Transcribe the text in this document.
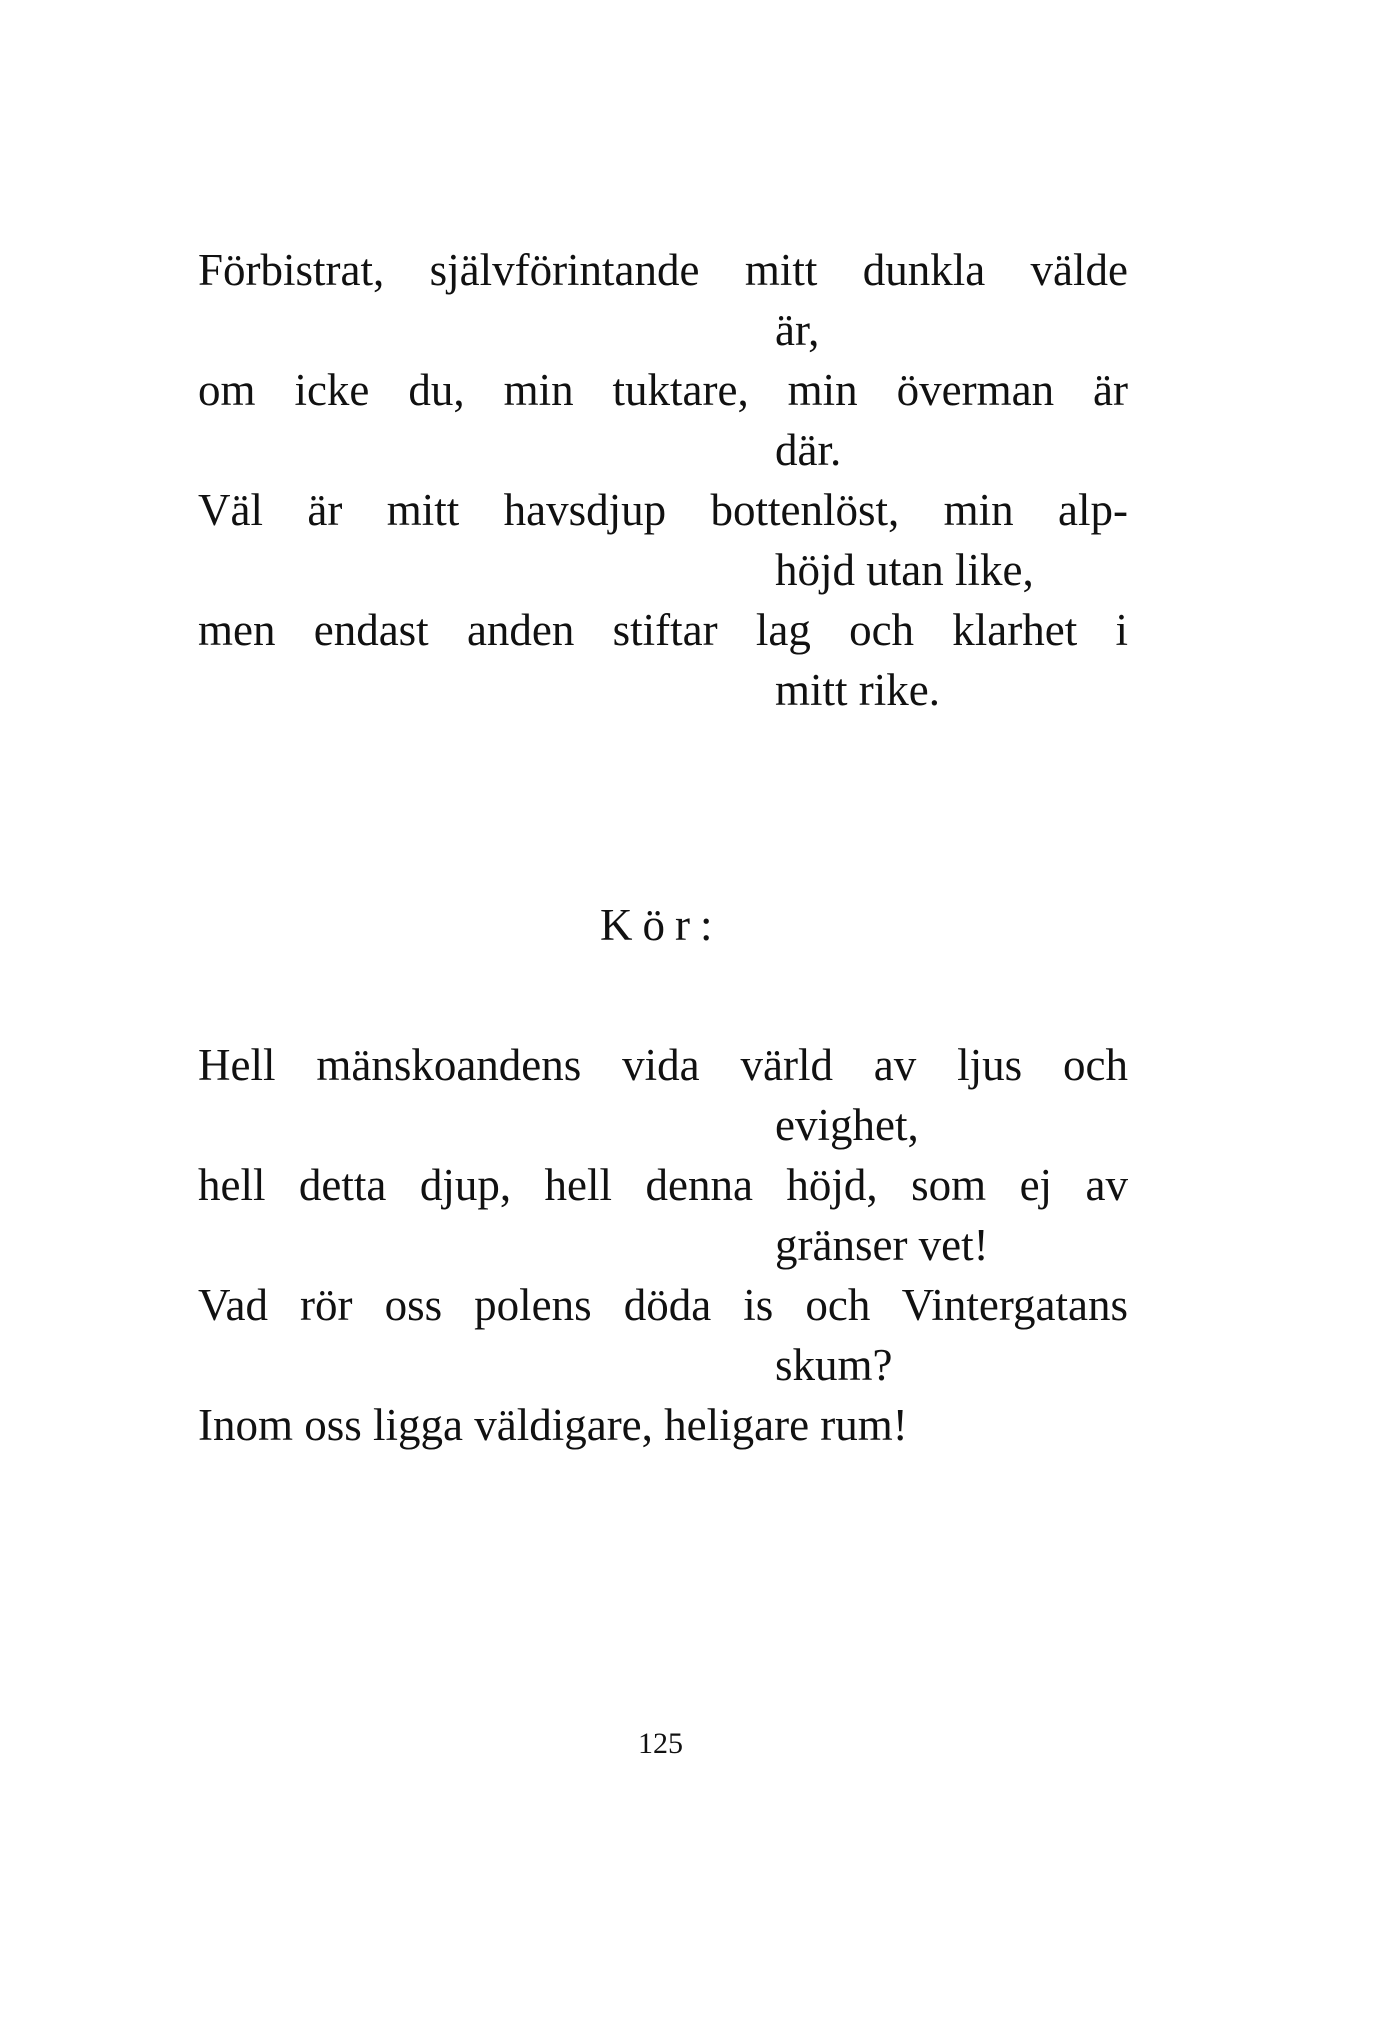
Förbistrat, självförintande mitt dunkla välde
är,
om icke du, min tuktare, min överman är
där.
Väl är mitt havsdjup bottenlöst, min alp-
höjd utan like,
men endast anden stiftar lag och klarhet i
mitt rike.
Kör:
Hell mänskoandens vida värld av ljus och
evighet,
hell detta djup, hell denna höjd, som ej av
gränser vet!
Vad rör oss polens döda is och Vintergatans
skum?
Inom oss ligga väldigare, heligare rum!
125
